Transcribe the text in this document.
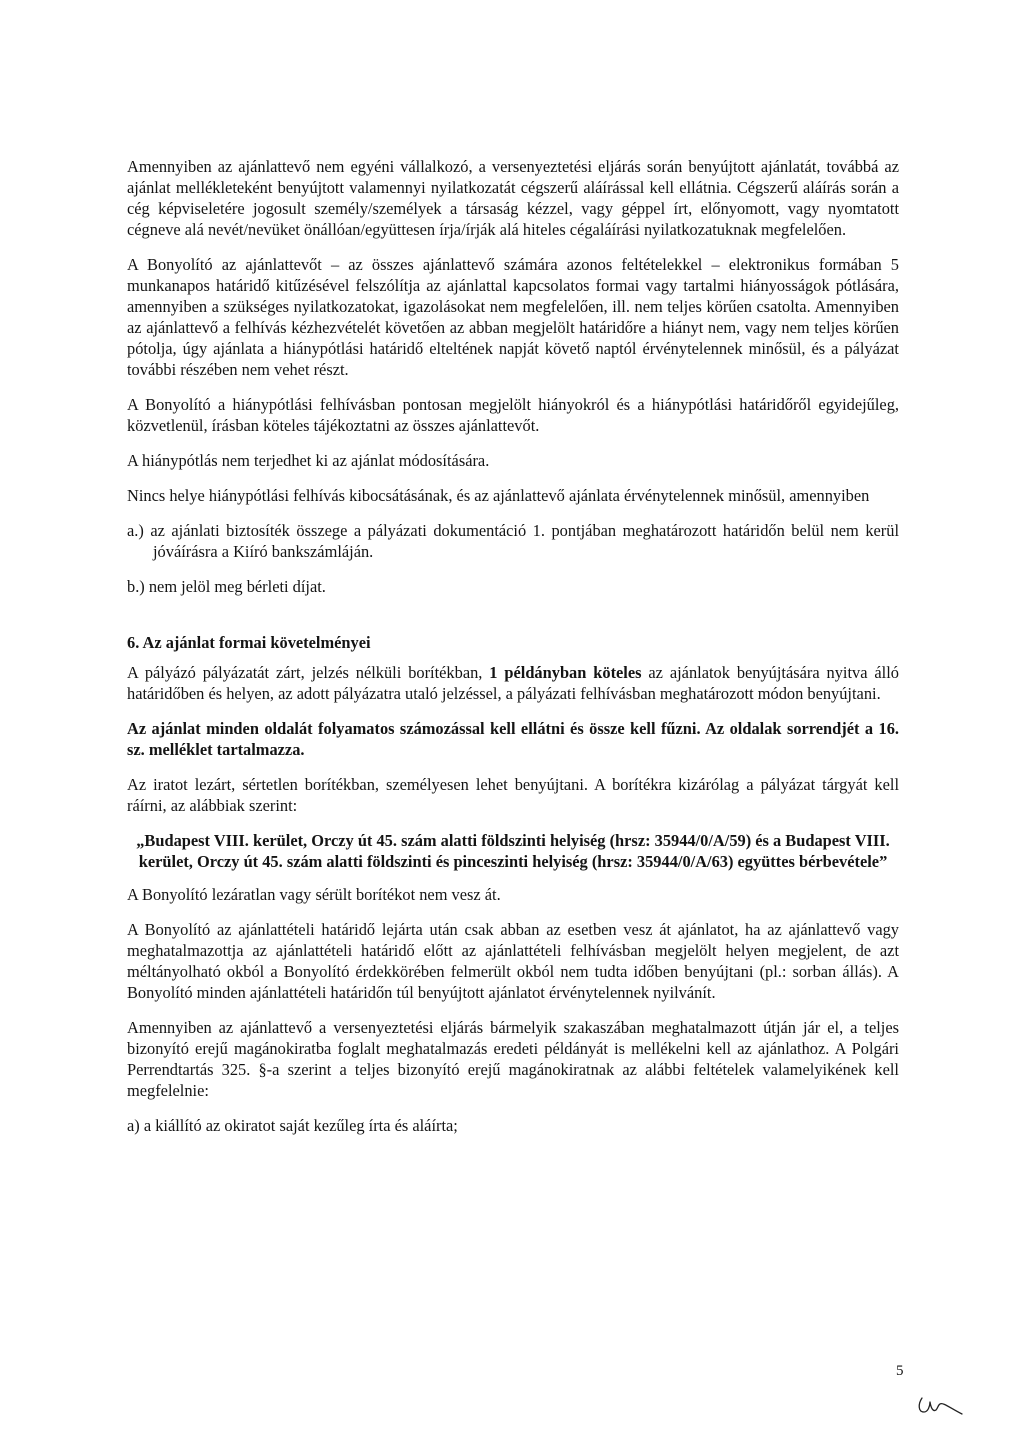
Amennyiben az ajánlattevő nem egyéni vállalkozó, a versenyeztetési eljárás során benyújtott ajánlatát, továbbá az ajánlat mellékleteként benyújtott valamennyi nyilatkozatát cégszerű aláírással kell ellátnia. Cégszerű aláírás során a cég képviseletére jogosult személy/személyek a társaság kézzel, vagy géppel írt, előnyomott, vagy nyomtatott cégneve alá nevét/nevüket önállóan/együttesen írja/írják alá hiteles cégaláírási nyilatkozatuknak megfelelően.

A Bonyolító az ajánlattevőt – az összes ajánlattevő számára azonos feltételekkel – elektronikus formában 5 munkanapos határidő kitűzésével felszólítja az ajánlattal kapcsolatos formai vagy tartalmi hiányosságok pótlására, amennyiben a szükséges nyilatkozatokat, igazolásokat nem megfelelően, ill. nem teljes körűen csatolta. Amennyiben az ajánlattevő a felhívás kézhezvételét követően az abban megjelölt határidőre a hiányt nem, vagy nem teljes körűen pótolja, úgy ajánlata a hiánypótlási határidő elteltének napját követő naptól érvénytelennek minősül, és a pályázat további részében nem vehet részt.

A Bonyolító a hiánypótlási felhívásban pontosan megjelölt hiányokról és a hiánypótlási határidőről egyidejűleg, közvetlenül, írásban köteles tájékoztatni az összes ajánlattevőt.

A hiánypótlás nem terjedhet ki az ajánlat módosítására.

Nincs helye hiánypótlási felhívás kibocsátásának, és az ajánlattevő ajánlata érvénytelennek minősül, amennyiben

a.) az ajánlati biztosíték összege a pályázati dokumentáció 1. pontjában meghatározott határidőn belül nem kerül jóváírásra a Kiíró bankszámláján.

b.) nem jelöl meg bérleti díjat.

6. Az ajánlat formai követelményei

A pályázó pályázatát zárt, jelzés nélküli borítékban, 1 példányban köteles az ajánlatok benyújtására nyitva álló határidőben és helyen, az adott pályázatra utaló jelzéssel, a pályázati felhívásban meghatározott módon benyújtani.

Az ajánlat minden oldalát folyamatos számozással kell ellátni és össze kell fűzni. Az oldalak sorrendjét a 16. sz. melléklet tartalmazza.

Az iratot lezárt, sértetlen borítékban, személyesen lehet benyújtani. A borítékra kizárólag a pályázat tárgyát kell ráírni, az alábbiak szerint:

„Budapest VIII. kerület, Orczy út 45. szám alatti földszinti helyiség (hrsz: 35944/0/A/59) és a Budapest VIII. kerület, Orczy út 45. szám alatti földszinti és pinceszinti helyiség (hrsz: 35944/0/A/63) együttes bérbevétele”

A Bonyolító lezáratlan vagy sérült borítékot nem vesz át.

A Bonyolító az ajánlattételi határidő lejárta után csak abban az esetben vesz át ajánlatot, ha az ajánlattevő vagy meghatalmazottja az ajánlattételi határidő előtt az ajánlattételi felhívásban megjelölt helyen megjelent, de azt méltányolható okból a Bonyolító érdekkörében felmerült okból nem tudta időben benyújtani (pl.: sorban állás). A Bonyolító minden ajánlattételi határidőn túl benyújtott ajánlatot érvénytelennek nyilvánít.

Amennyiben az ajánlattevő a versenyeztetési eljárás bármelyik szakaszában meghatalmazott útján jár el, a teljes bizonyító erejű magánokiratba foglalt meghatalmazás eredeti példányát is mellékelni kell az ajánlathoz. A Polgári Perrendtartás 325. §-a szerint a teljes bizonyító erejű magánokiratnak az alábbi feltételek valamelyikének kell megfelelnie:

a) a kiállító az okiratot saját kezűleg írta és aláírta;

5
